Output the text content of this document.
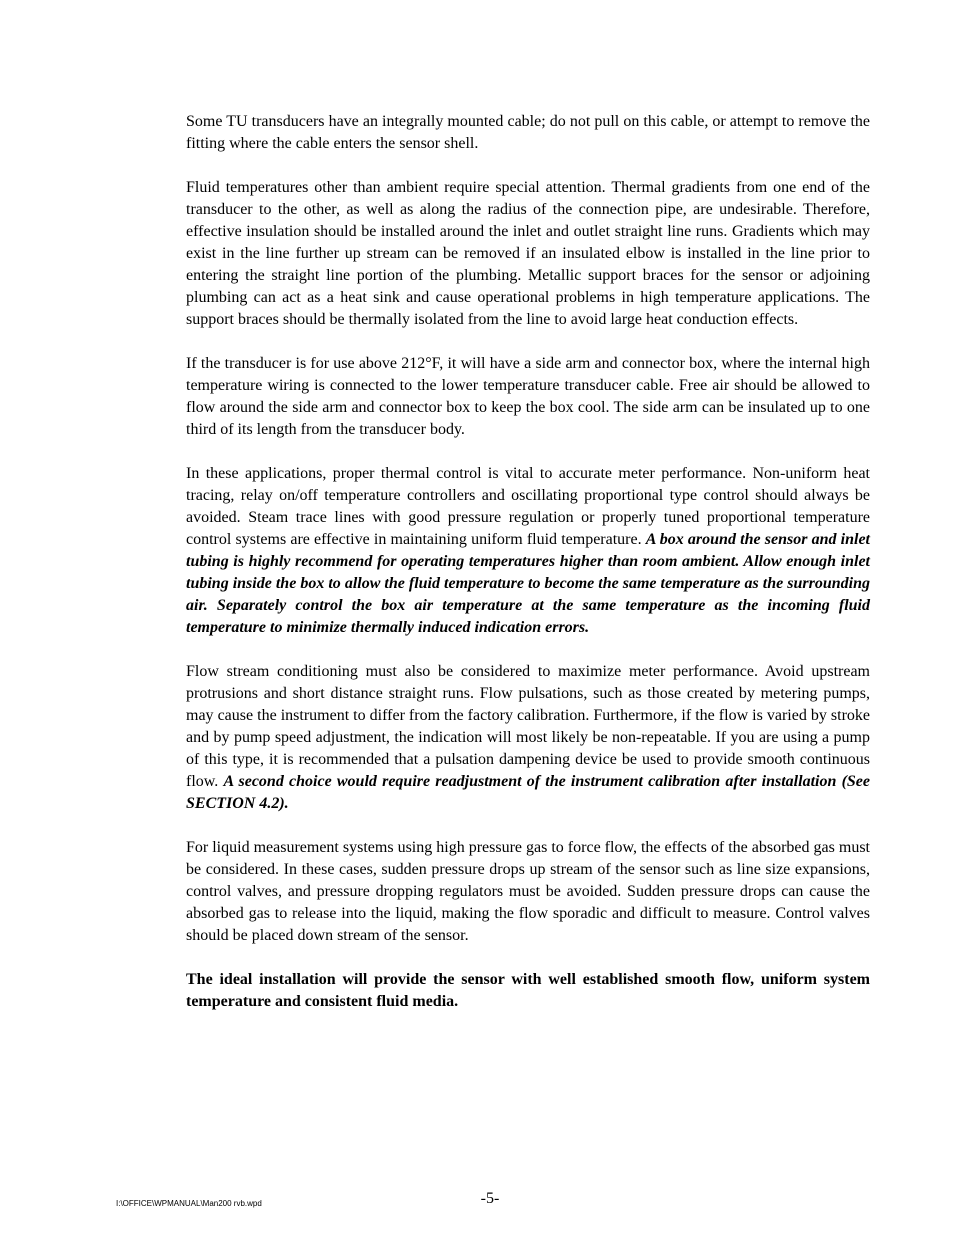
Some TU transducers have an integrally mounted cable; do not pull on this cable, or attempt to remove the fitting where the cable enters the sensor shell.

Fluid temperatures other than ambient require special attention. Thermal gradients from one end of the transducer to the other, as well as along the radius of the connection pipe, are undesirable. Therefore, effective insulation should be installed around the inlet and outlet straight line runs. Gradients which may exist in the line further up stream can be removed if an insulated elbow is installed in the line prior to entering the straight line portion of the plumbing. Metallic support braces for the sensor or adjoining plumbing can act as a heat sink and cause operational problems in high temperature applications. The support braces should be thermally isolated from the line to avoid large heat conduction effects.

If the transducer is for use above 212°F, it will have a side arm and connector box, where the internal high temperature wiring is connected to the lower temperature transducer cable. Free air should be allowed to flow around the side arm and connector box to keep the box cool. The side arm can be insulated up to one third of its length from the transducer body.

In these applications, proper thermal control is vital to accurate meter performance. Non-uniform heat tracing, relay on/off temperature controllers and oscillating proportional type control should always be avoided. Steam trace lines with good pressure regulation or properly tuned proportional temperature control systems are effective in maintaining uniform fluid temperature. A box around the sensor and inlet tubing is highly recommend for operating temperatures higher than room ambient. Allow enough inlet tubing inside the box to allow the fluid temperature to become the same temperature as the surrounding air. Separately control the box air temperature at the same temperature as the incoming fluid temperature to minimize thermally induced indication errors.

Flow stream conditioning must also be considered to maximize meter performance. Avoid upstream protrusions and short distance straight runs. Flow pulsations, such as those created by metering pumps, may cause the instrument to differ from the factory calibration. Furthermore, if the flow is varied by stroke and by pump speed adjustment, the indication will most likely be non-repeatable. If you are using a pump of this type, it is recommended that a pulsation dampening device be used to provide smooth continuous flow. A second choice would require readjustment of the instrument calibration after installation (See SECTION 4.2).

For liquid measurement systems using high pressure gas to force flow, the effects of the absorbed gas must be considered. In these cases, sudden pressure drops up stream of the sensor such as line size expansions, control valves, and pressure dropping regulators must be avoided. Sudden pressure drops can cause the absorbed gas to release into the liquid, making the flow sporadic and difficult to measure. Control valves should be placed down stream of the sensor.

The ideal installation will provide the sensor with well established smooth flow, uniform system temperature and consistent fluid media.

I:\OFFICE\WPMANUAL\Man200 rvb.wpd	-5-
